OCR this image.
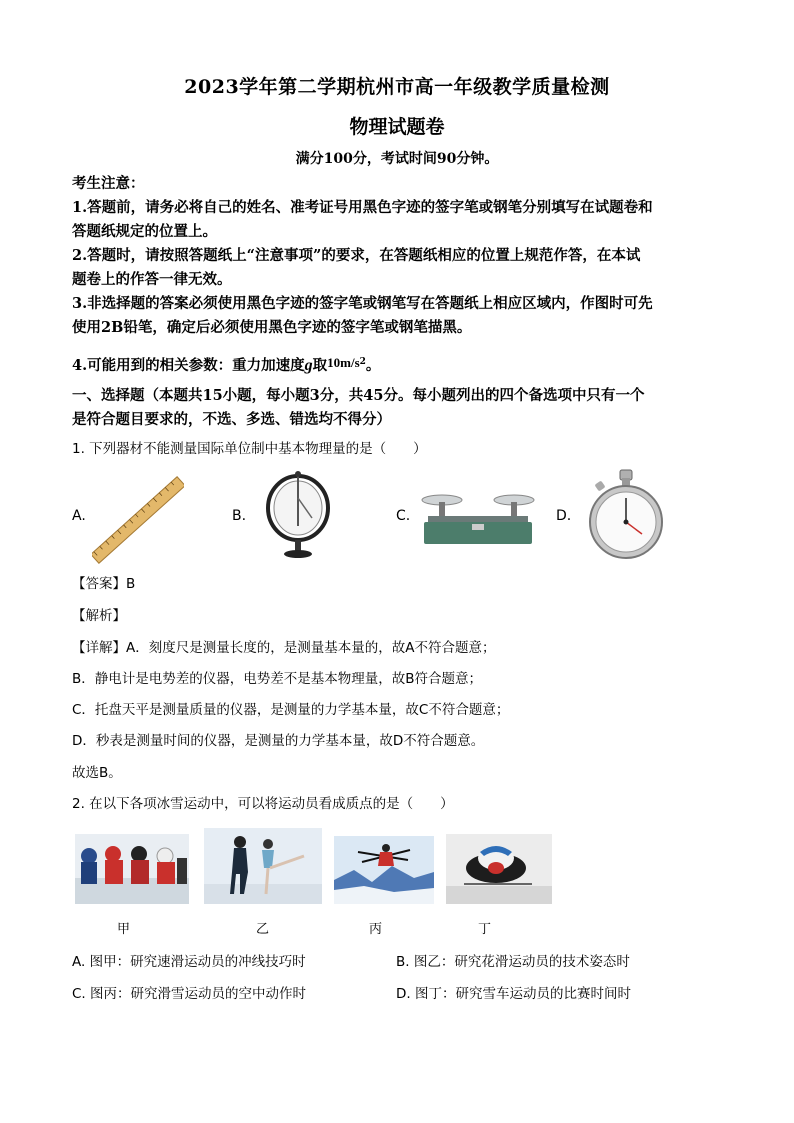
2023学年第二学期杭州市高一年级教学质量检测
物理试题卷
满分100分，考试时间90分钟。
考生注意：
1.答题前，请务必将自己的姓名、准考证号用黑色字迹的签字笔或钢笔分别填写在试题卷和
答题纸规定的位置上。
2.答题时，请按照答题纸上“注意事项”的要求，在答题纸相应的位置上规范作答，在本试
题卷上的作答一律无效。
3.非选择题的答案必须使用黑色字迹的签字笔或钢笔写在答题纸上相应区域内，作图时可先
使用2B铅笔，确定后必须使用黑色字迹的签字笔或钢笔描黑。
4.可能用到的相关参数：重力加速度g取$10m/s^2$。
一、选择题（本题共15小题，每小题3分，共45分。每小题列出的四个备选项中只有一个
是符合题目要求的，不选、多选、错选均不得分）
1. 下列器材不能测量国际单位制中基本物理量的是（　　）
A.	B.	C.	D.
【答案】B
【解析】
【详解】A．刻度尺是测量长度的，是测量基本量的，故A不符合题意；
B．静电计是电势差的仪器，电势差不是基本物理量，故B符合题意；
C．托盘天平是测量质量的仪器，是测量的力学基本量，故C不符合题意；
D．秒表是测量时间的仪器，是测量的力学基本量，故D不符合题意。
故选B。
2. 在以下各项冰雪运动中，可以将运动员看成质点的是（　　）
甲	乙	丙	丁
A. 图甲：研究速滑运动员的冲线技巧时	B. 图乙：研究花滑运动员的技术姿态时
C. 图丙：研究滑雪运动员的空中动作时	D. 图丁：研究雪车运动员的比赛时间时
